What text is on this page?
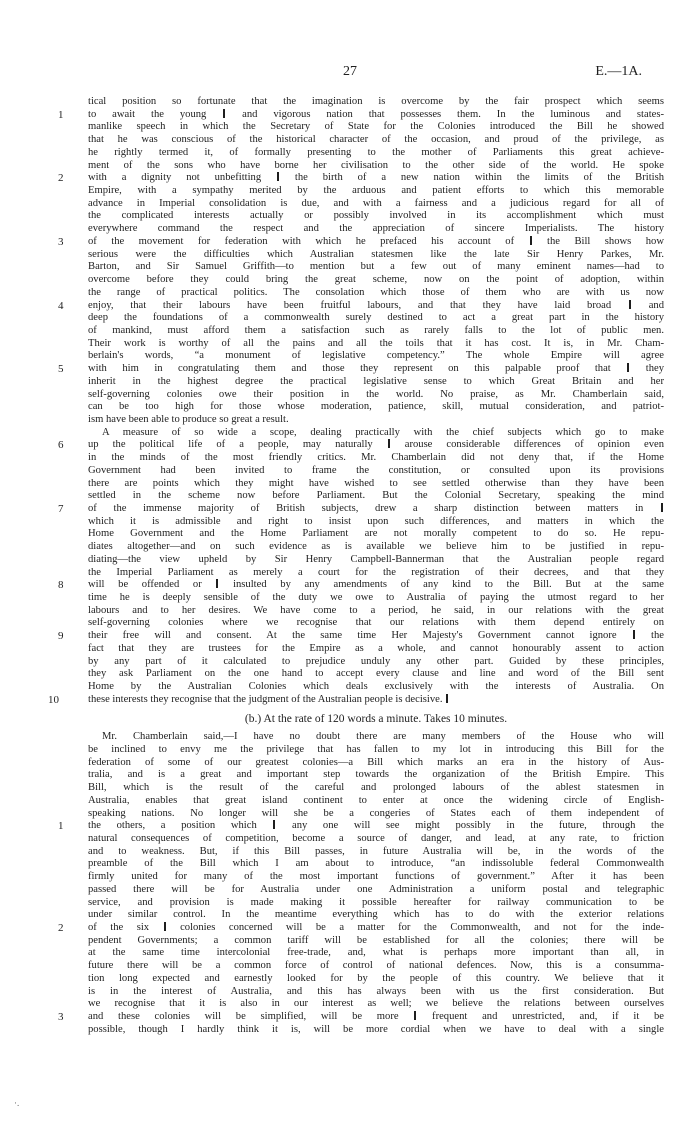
27	E.—1A.
tical position so fortunate that the imagination is overcome by the fair prospect which seems
1 to await the young  and vigorous nation that possesses them. In the luminous and states-
manlike speech in which the Secretary of State for the Colonies introduced the Bill he showed
that he was conscious of the historical character of the occasion, and proud of the privilege, as
he rightly termed it, of formally presenting to the mother of Parliaments this great achieve-
ment of the sons who have borne her civilisation to the other side of the world. He spoke
2 with a dignity not unbefitting  the birth of a new nation within the limits of the British
Empire, with a sympathy merited by the arduous and patient efforts to which this memorable
advance in Imperial consolidation is due, and with a fairness and a judicious regard for all of
the complicated interests actually or possibly involved in its accomplishment which must
everywhere command the respect and the appreciation of sincere Imperialists. The history
3 of the movement for federation with which he prefaced his account of  the Bill shows how
serious were the difficulties which Australian statesmen like the late Sir Henry Parkes, Mr.
Barton, and Sir Samuel Griffith—to mention but a few out of many eminent names—had to
overcome before they could bring the great scheme, now on the point of adoption, within
the range of practical politics. The consolation which those of them who are with us now
4 enjoy, that their labours have been fruitful labours, and that they have laid broad  and
deep the foundations of a commonwealth surely destined to act a great part in the history
of mankind, must afford them a satisfaction such as rarely falls to the lot of public men.
Their work is worthy of all the pains and all the toils that it has cost. It is, in Mr. Cham-
berlain's words, “a monument of legislative competency.” The whole Empire will agree
5 with him in congratulating them and those they represent on this palpable proof that  they
inherit in the highest degree the practical legislative sense to which Great Britain and her
self-governing colonies owe their position in the world. No praise, as Mr. Chamberlain said,
can be too high for those whose moderation, patience, skill, mutual consideration, and patriot-
ism have been able to produce so great a result.
A measure of so wide a scope, dealing practically with the chief subjects which go to make
6 up the political life of a people, may naturally  arouse considerable differences of opinion even
in the minds of the most friendly critics. Mr. Chamberlain did not deny that, if the Home
Government had been invited to frame the constitution, or consulted upon its provisions
there are points which they might have wished to see settled otherwise than they have been
settled in the scheme now before Parliament. But the Colonial Secretary, speaking the mind
7 of the immense majority of British subjects, drew a sharp distinction between matters in
which it is admissible and right to insist upon such differences, and matters in which the
Home Government and the Home Parliament are not morally competent to do so. He repu-
diates altogether—and on such evidence as is available we believe him to be justified in repu-
diating—the view upheld by Sir Henry Campbell-Bannerman that the Australian people regard
the Imperial Parliament as merely a court for the registration of their decrees, and that they
8 will be offended or  insulted by any amendments of any kind to the Bill. But at the same
time he is deeply sensible of the duty we owe to Australia of paying the utmost regard to her
labours and to her desires. We have come to a period, he said, in our relations with the great
self-governing colonies where we recognise that our relations with them depend entirely on
9 their free will and consent. At the same time Her Majesty's Government cannot ignore  the
fact that they are trustees for the Empire as a whole, and cannot honourably assent to action
by any part of it calculated to prejudice unduly any other part. Guided by these principles,
they ask Parliament on the one hand to accept every clause and line and word of the Bill sent
Home by the Australian Colonies which deals exclusively with the interests of Australia. On
10	these interests they recognise that the judgment of the Australian people is decisive.
(b.) At the rate of 120 words a minute. Takes 10 minutes.
Mr. Chamberlain said,—I have no doubt there are many members of the House who will
be inclined to envy me the privilege that has fallen to my lot in introducing this Bill for the
federation of some of our greatest colonies—a Bill which marks an era in the history of Aus-
tralia, and is a great and important step towards the organization of the British Empire. This
Bill, which is the result of the careful and prolonged labours of the ablest statesmen in
Australia, enables that great island continent to enter at once the widening circle of English-
speaking nations. No longer will she be a congeries of States each of them independent of
1 the others, a position which  any one will see might possibly in the future, through the
natural consequences of competition, become a source of danger, and lead, at any rate, to friction
and to weakness. But, if this Bill passes, in future Australia will be, in the words of the
preamble of the Bill which I am about to introduce, “an indissoluble federal Commonwealth
firmly united for many of the most important functions of government.” After it has been
passed there will be for Australia under one Administration a uniform postal and telegraphic
service, and provision is made making it possible hereafter for railway communication to be
under similar control. In the meantime everything which has to do with the exterior relations
2 of the six  colonies concerned will be a matter for the Commonwealth, and not for the inde-
pendent Governments; a common tariff will be established for all the colonies; there will be
at the same time intercolonial free-trade, and, what is perhaps more important than all, in
future there will be a common force of control of national defences. Now, this is a consumma-
tion long expected and earnestly looked for by the people of this country. We believe that it
is in the interest of Australia, and this has always been with us the first consideration. But
we recognise that it is also in our interest as well; we believe the relations between ourselves
3 and these colonies will be simplified, will be more  frequent and unrestricted, and, if it be
possible, though I hardly think it is, will be more cordial when we have to deal with a single
·.
